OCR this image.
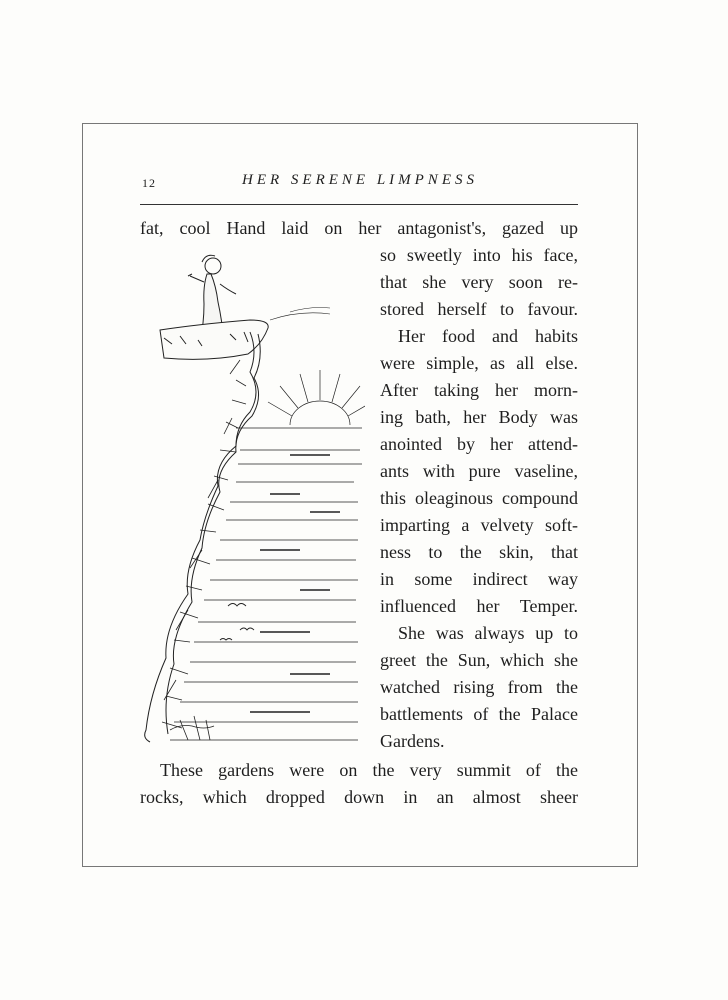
12	HER SERENE LIMPNESS
fat, cool Hand laid on her antagonist's, gazed up
so sweetly into his face,
that she very soon re-
stored herself to favour.
Her food and habits
were simple, as all else.
After taking her morn-
ing bath, her Body was
anointed by her attend-
ants with pure vaseline,
this oleaginous compound
imparting a velvety soft-
ness to the skin, that
in some indirect way
influenced her Temper.
She was always up to
greet the Sun, which she
watched rising from the
battlements of the Palace
Gardens.
These gardens were on the very summit of the
rocks, which dropped down in an almost sheer
